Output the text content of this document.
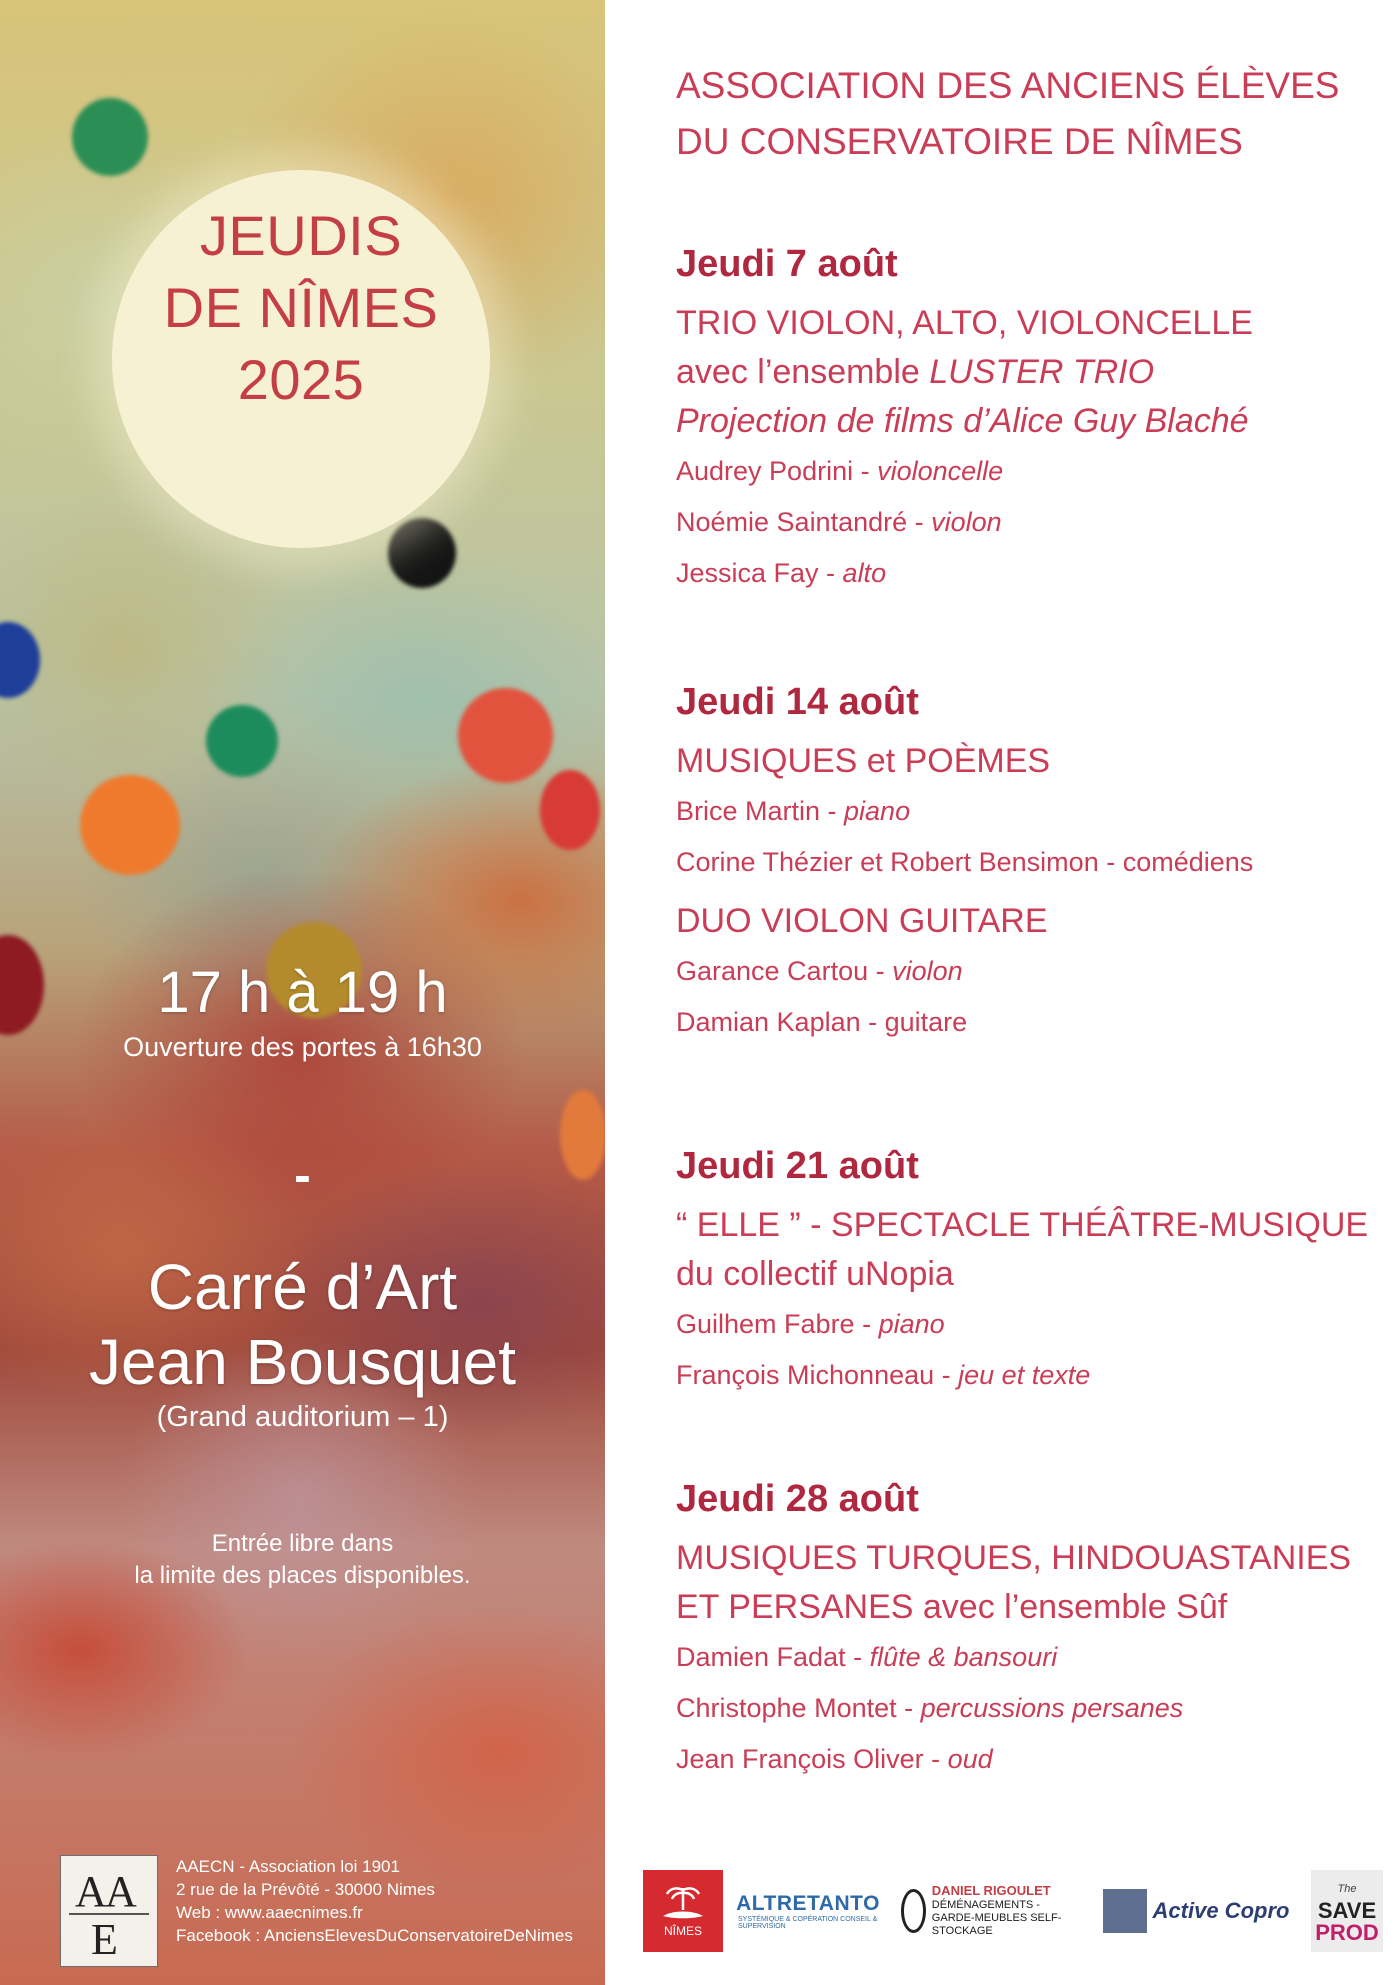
JEUDIS
DE NÎMES
2025
17 h à 19 h
Ouverture des portes à 16h30
-
Carré d’Art
Jean Bousquet
(Grand auditorium – 1)
Entrée libre dans
la limite des places disponibles.
A
A
E
AAECN - Association loi 1901
2 rue de la Prévôté - 30000 Nimes
Web : www.aaecnimes.fr
Facebook : AnciensElevesDuConservatoireDeNimes
ASSOCIATION DES ANCIENS ÉLÈVES
DU CONSERVATOIRE DE NÎMES
Jeudi 7 août
TRIO VIOLON, ALTO, VIOLONCELLE
avec l’ensemble LUSTER TRIO
Projection de films d’Alice Guy Blaché
Audrey Podrini - violoncelle
Noémie Saintandré - violon
Jessica Fay - alto
Jeudi 14 août
MUSIQUES et POÈMES
Brice Martin - piano
Corine Thézier et Robert Bensimon - comédiens
DUO VIOLON GUITARE
Garance Cartou - violon
Damian Kaplan - guitare
Jeudi 21 août
“ ELLE ” - SPECTACLE THÉÂTRE-MUSIQUE
du collectif uNopia
Guilhem Fabre - piano
François Michonneau - jeu et texte
Jeudi 28 août
MUSIQUES TURQUES, HINDOUASTANIES
ET PERSANES avec l’ensemble Sûf
Damien Fadat - flûte & bansouri
Christophe Montet - percussions persanes
Jean François Oliver - oud
NÎMES
ALTRETANTO
SYSTÉMIQUE & COPÉRATION CONSEIL & SUPERVISION
DANIEL RIGOULET
DÉMÉNAGEMENTS - GARDE-MEUBLES SELF-STOCKAGE
Active Copro
The
SAVE
PROD
